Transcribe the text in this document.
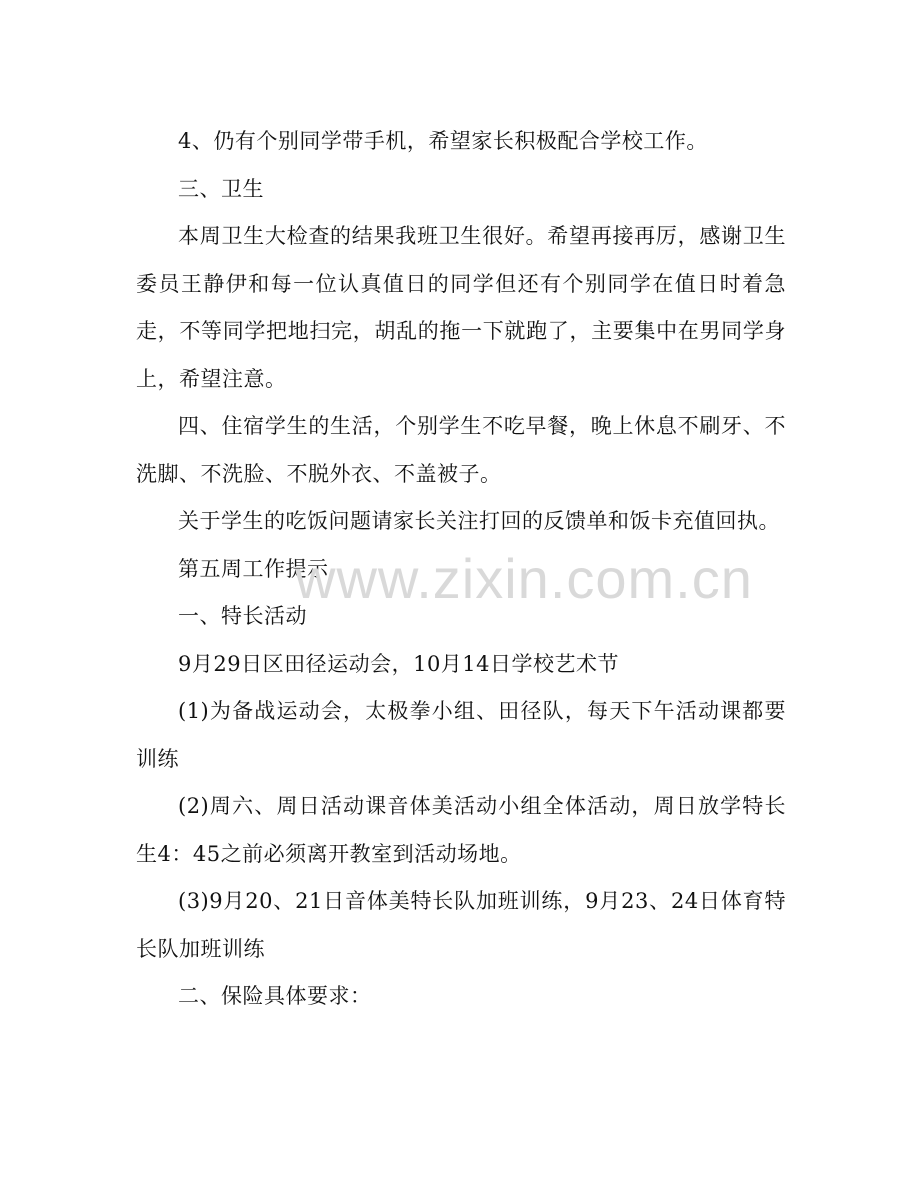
4、仍有个别同学带手机，希望家长积极配合学校工作。

三、卫生

本周卫生大检查的结果我班卫生很好。希望再接再厉，感谢卫生委员王静伊和每一位认真值日的同学但还有个别同学在值日时着急走，不等同学把地扫完，胡乱的拖一下就跑了，主要集中在男同学身上，希望注意。

四、住宿学生的生活，个别学生不吃早餐，晚上休息不刷牙、不洗脚、不洗脸、不脱外衣、不盖被子。

关于学生的吃饭问题请家长关注打回的反馈单和饭卡充值回执。

第五周工作提示

一、特长活动

9月29日区田径运动会，10月14日学校艺术节

(1)为备战运动会，太极拳小组、田径队，每天下午活动课都要训练

(2)周六、周日活动课音体美活动小组全体活动，周日放学特长生4：45之前必须离开教室到活动场地。

(3)9月20、21日音体美特长队加班训练，9月23、24日体育特长队加班训练

二、保险具体要求：

www.zixin.com.cn
